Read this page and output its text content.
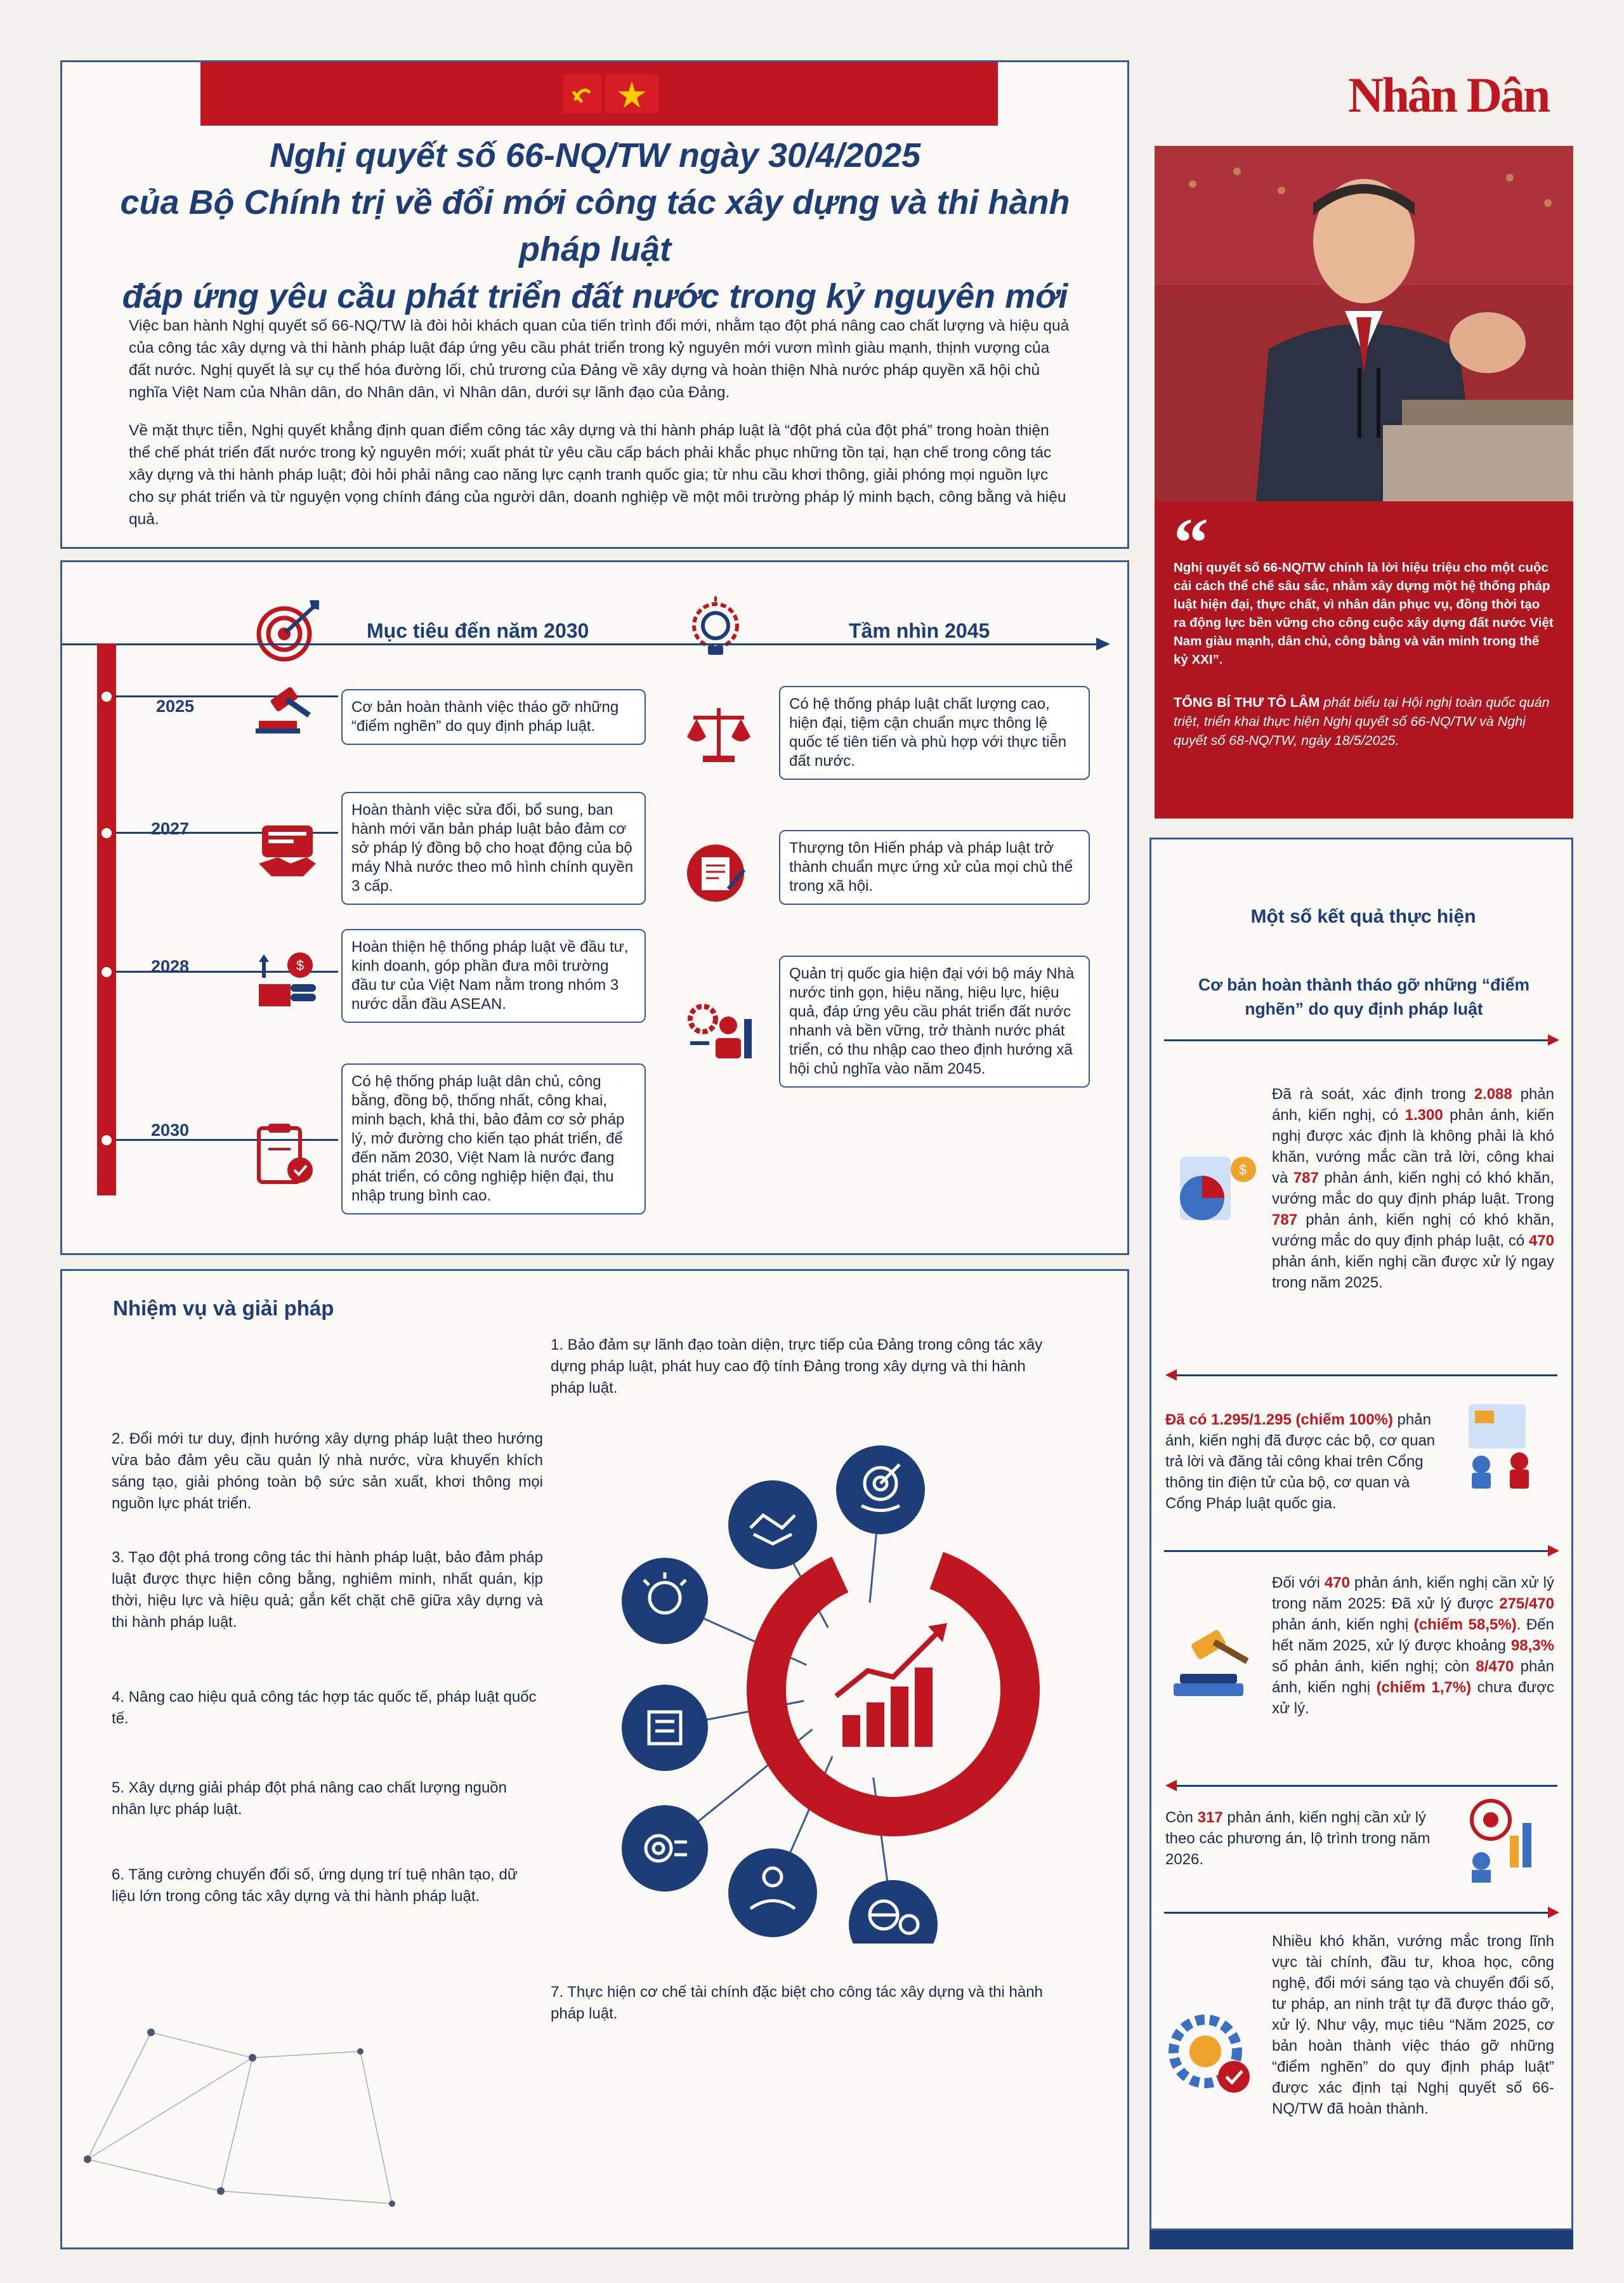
Nghị quyết số 66-NQ/TW ngày 30/4/2025
của Bộ Chính trị về đổi mới công tác xây dựng và thi hành pháp luật
đáp ứng yêu cầu phát triển đất nước trong kỷ nguyên mới
Việc ban hành Nghị quyết số 66-NQ/TW là đòi hỏi khách quan của tiến trình đổi mới, nhằm tạo đột phá nâng cao chất lượng và hiệu quả của công tác xây dựng và thi hành pháp luật đáp ứng yêu cầu phát triển trong kỷ nguyên mới vươn mình giàu mạnh, thịnh vượng của đất nước. Nghị quyết là sự cụ thể hóa đường lối, chủ trương của Đảng về xây dựng và hoàn thiện Nhà nước pháp quyền xã hội chủ nghĩa Việt Nam của Nhân dân, do Nhân dân, vì Nhân dân, dưới sự lãnh đạo của Đảng.
Về mặt thực tiễn, Nghị quyết khẳng định quan điểm công tác xây dựng và thi hành pháp luật là “đột phá của đột phá” trong hoàn thiện thể chế phát triển đất nước trong kỷ nguyên mới; xuất phát từ yêu cầu cấp bách phải khắc phục những tồn tại, hạn chế trong công tác xây dựng và thi hành pháp luật; đòi hỏi phải nâng cao năng lực cạnh tranh quốc gia; từ nhu cầu khơi thông, giải phóng mọi nguồn lực cho sự phát triển và từ nguyện vọng chính đáng của người dân, doanh nghiệp về một môi trường pháp lý minh bạch, công bằng và hiệu quả.
Nhân Dân
“
Nghị quyết số 66-NQ/TW chính là lời hiệu triệu cho một cuộc cải cách thể chế sâu sắc, nhằm xây dựng một hệ thống pháp luật hiện đại, thực chất, vì nhân dân phục vụ, đồng thời tạo ra động lực bền vững cho công cuộc xây dựng đất nước Việt Nam giàu mạnh, dân chủ, công bằng và văn minh trong thế kỷ XXI”.
TỔNG BÍ THƯ TÔ LÂM phát biểu tại Hội nghị toàn quốc quán triệt, triển khai thực hiện Nghị quyết số 66-NQ/TW và Nghị quyết số 68-NQ/TW, ngày 18/5/2025.
Mục tiêu đến năm 2030	Tầm nhìn 2045
2025
2027
2028
2030
$
Cơ bản hoàn thành việc tháo gỡ những “điểm nghẽn” do quy định pháp luật.
Hoàn thành việc sửa đổi, bổ sung, ban hành mới văn bản pháp luật bảo đảm cơ sở pháp lý đồng bộ cho hoạt động của bộ máy Nhà nước theo mô hình chính quyền 3 cấp.
Hoàn thiện hệ thống pháp luật về đầu tư, kinh doanh, góp phần đưa môi trường đầu tư của Việt Nam nằm trong nhóm 3 nước dẫn đầu ASEAN.
Có hệ thống pháp luật dân chủ, công bằng, đồng bộ, thống nhất, công khai, minh bạch, khả thi, bảo đảm cơ sở pháp lý, mở đường cho kiến tạo phát triển, để đến năm 2030, Việt Nam là nước đang phát triển, có công nghiệp hiện đại, thu nhập trung bình cao.
Có hệ thống pháp luật chất lượng cao, hiện đại, tiệm cận chuẩn mực thông lệ quốc tế tiên tiến và phù hợp với thực tiễn đất nước.
Thượng tôn Hiến pháp và pháp luật trở thành chuẩn mực ứng xử của mọi chủ thể trong xã hội.
Quản trị quốc gia hiện đại với bộ máy Nhà nước tinh gọn, hiệu năng, hiệu lực, hiệu quả, đáp ứng yêu cầu phát triển đất nước nhanh và bền vững, trở thành nước phát triển, có thu nhập cao theo định hướng xã hội chủ nghĩa vào năm 2045.
Một số kết quả thực hiện
Cơ bản hoàn thành tháo gỡ những “điểm nghẽn” do quy định pháp luật
$
Đã rà soát, xác định trong 2.088 phản ánh, kiến nghị, có 1.300 phản ánh, kiến nghị được xác định là không phải là khó khăn, vướng mắc cần trả lời, công khai và 787 phản ánh, kiến nghị có khó khăn, vướng mắc do quy định pháp luật. Trong 787 phản ánh, kiến nghị có khó khăn, vướng mắc do quy định pháp luật, có 470 phản ánh, kiến nghị cần được xử lý ngay trong năm 2025.
Đã có 1.295/1.295 (chiếm 100%) phản ánh, kiến nghị đã được các bộ, cơ quan trả lời và đăng tải công khai trên Cổng thông tin điện tử của bộ, cơ quan và Cổng Pháp luật quốc gia.
Đối với 470 phản ánh, kiến nghị cần xử lý trong năm 2025: Đã xử lý được 275/470 phản ánh, kiến nghị (chiếm 58,5%). Đến hết năm 2025, xử lý được khoảng 98,3% số phản ánh, kiến nghị; còn 8/470 phản ánh, kiến nghị (chiếm 1,7%) chưa được xử lý.
Còn 317 phản ánh, kiến nghị cần xử lý theo các phương án, lộ trình trong năm 2026.
Nhiều khó khăn, vướng mắc trong lĩnh vực tài chính, đầu tư, khoa học, công nghệ, đổi mới sáng tạo và chuyển đổi số, tư pháp, an ninh trật tự đã được tháo gỡ, xử lý. Như vậy, mục tiêu “Năm 2025, cơ bản hoàn thành việc tháo gỡ những “điểm nghẽn” do quy định pháp luật” được xác định tại Nghị quyết số 66-NQ/TW đã hoàn thành.
Nhiệm vụ và giải pháp
1. Bảo đảm sự lãnh đạo toàn diện, trực tiếp của Đảng trong công tác xây dựng pháp luật, phát huy cao độ tính Đảng trong xây dựng và thi hành pháp luật.
2. Đổi mới tư duy, định hướng xây dựng pháp luật theo hướng vừa bảo đảm yêu cầu quản lý nhà nước, vừa khuyến khích sáng tạo, giải phóng toàn bộ sức sản xuất, khơi thông mọi nguồn lực phát triển.
3. Tạo đột phá trong công tác thi hành pháp luật, bảo đảm pháp luật được thực hiện công bằng, nghiêm minh, nhất quán, kịp thời, hiệu lực và hiệu quả; gắn kết chặt chẽ giữa xây dựng và thi hành pháp luật.
4. Nâng cao hiệu quả công tác hợp tác quốc tế, pháp luật quốc tế.
5. Xây dựng giải pháp đột phá nâng cao chất lượng nguồn nhân lực pháp luật.
6. Tăng cường chuyển đổi số, ứng dụng trí tuệ nhân tạo, dữ liệu lớn trong công tác xây dựng và thi hành pháp luật.
7. Thực hiện cơ chế tài chính đặc biệt cho công tác xây dựng và thi hành pháp luật.
